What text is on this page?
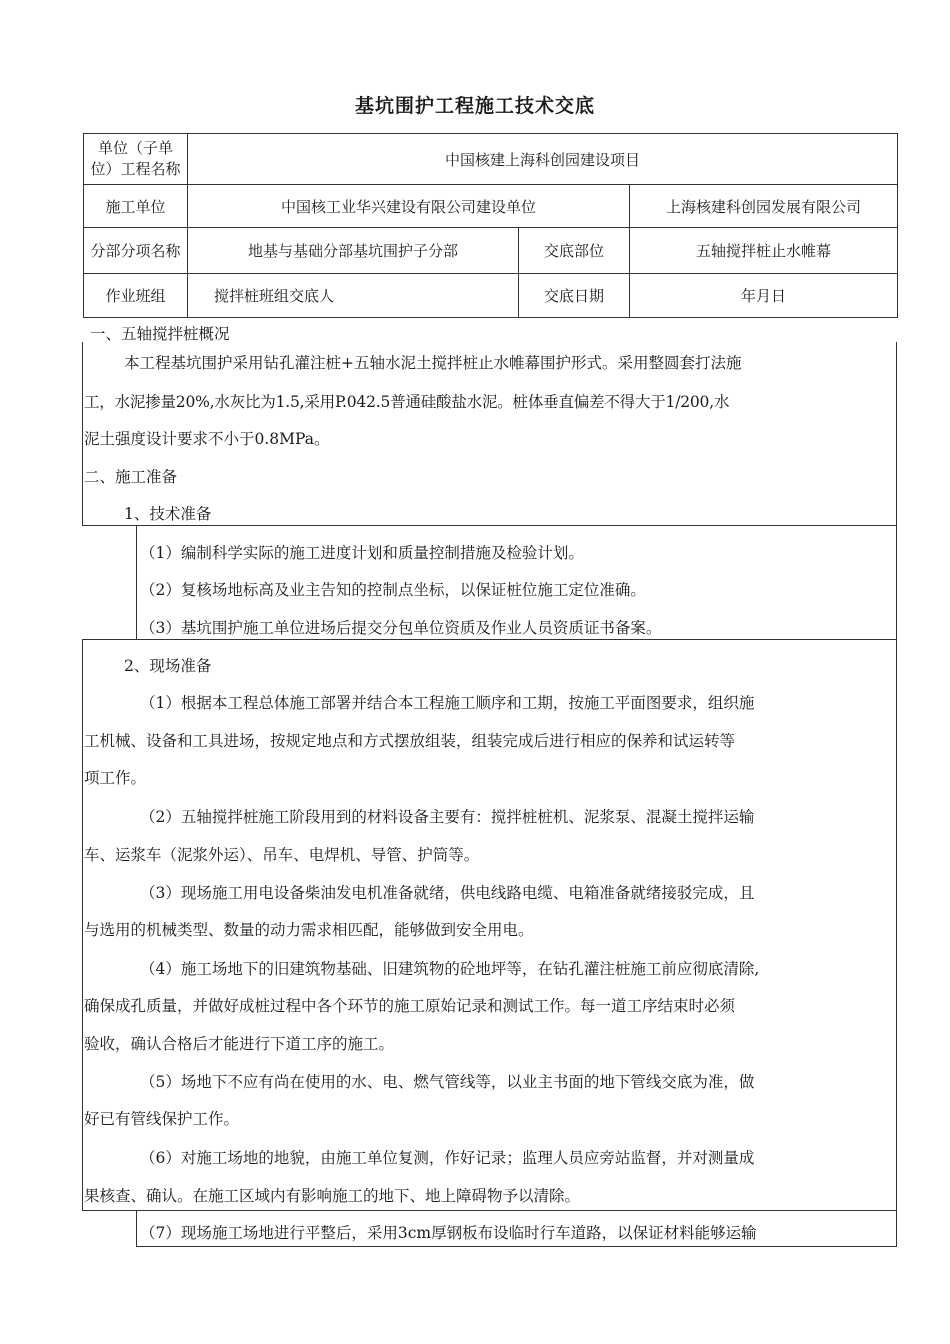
基坑围护工程施工技术交底
单位（子单位）工程名称	中国核建上海科创园建设项目		
施工单位	中国核工业华兴建设有限公司建设单位		上海核建科创园发展有限公司
分部分项名称	地基与基础分部基坑围护子分部	交底部位	五轴搅拌桩止水帷幕
作业班组	搅拌桩班组交底人	交底日期	年月日
一、五轴搅拌桩概况
本工程基坑围护采用钻孔灌注桩+五轴水泥土搅拌桩止水帷幕围护形式。采用整圆套打法施
工，水泥掺量20%,水灰比为1.5,采用P.042.5普通硅酸盐水泥。桩体垂直偏差不得大于1/200,水
泥土强度设计要求不小于0.8MPa。
二、施工准备
1、技术准备
（1）编制科学实际的施工进度计划和质量控制措施及检验计划。
（2）复核场地标高及业主告知的控制点坐标，以保证桩位施工定位准确。
（3）基坑围护施工单位进场后提交分包单位资质及作业人员资质证书备案。
2、现场准备
（1）根据本工程总体施工部署并结合本工程施工顺序和工期，按施工平面图要求，组织施
工机械、设备和工具进场，按规定地点和方式摆放组装，组装完成后进行相应的保养和试运转等
项工作。
（2）五轴搅拌桩施工阶段用到的材料设备主要有：搅拌桩桩机、泥浆泵、混凝土搅拌运输
车、运浆车（泥浆外运）、吊车、电焊机、导管、护筒等。
（3）现场施工用电设备柴油发电机准备就绪，供电线路电缆、电箱准备就绪接驳完成，且
与选用的机械类型、数量的动力需求相匹配，能够做到安全用电。
（4）施工场地下的旧建筑物基础、旧建筑物的砼地坪等，在钻孔灌注桩施工前应彻底清除,
确保成孔质量，并做好成桩过程中各个环节的施工原始记录和测试工作。每一道工序结束时必须
验收，确认合格后才能进行下道工序的施工。
（5）场地下不应有尚在使用的水、电、燃气管线等，以业主书面的地下管线交底为准，做
好已有管线保护工作。
（6）对施工场地的地貌，由施工单位复测，作好记录；监理人员应旁站监督，并对测量成
果核查、确认。在施工区域内有影响施工的地下、地上障碍物予以清除。
（7）现场施工场地进行平整后，采用3cm厚钢板布设临时行车道路，以保证材料能够运输
